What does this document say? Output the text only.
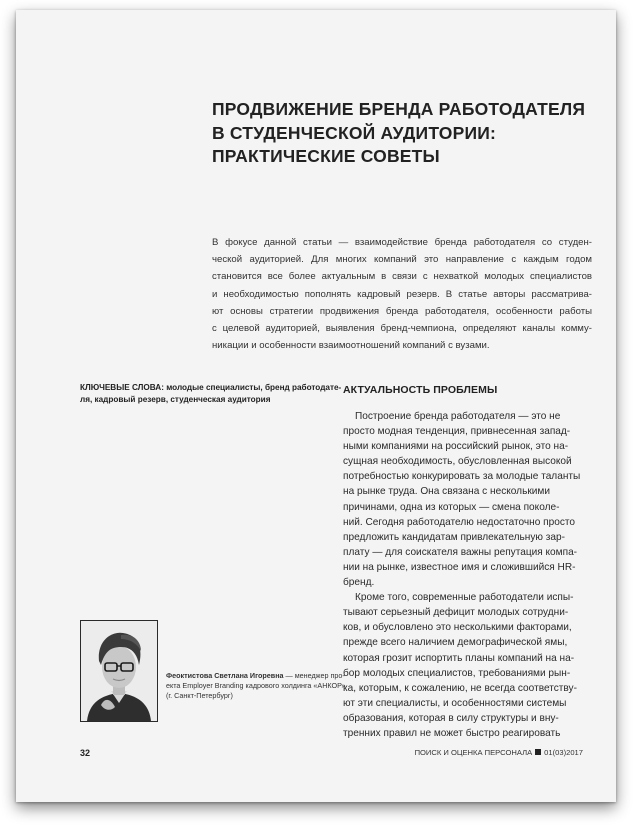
ПРОДВИЖЕНИЕ БРЕНДА РАБОТОДАТЕЛЯ
В СТУДЕНЧЕСКОЙ АУДИТОРИИ:
ПРАКТИЧЕСКИЕ СОВЕТЫ
В фокусе данной статьи — взаимодействие бренда работодателя со студен-
ческой аудиторией. Для многих компаний это направление с каждым годом
становится все более актуальным в связи с нехваткой молодых специалистов
и необходимостью пополнять кадровый резерв. В статье авторы рассматрива-
ют основы стратегии продвижения бренда работодателя, особенности работы
с целевой аудиторией, выявления бренд-чемпиона, определяют каналы комму-
никации и особенности взаимоотношений компаний с вузами.
КЛЮЧЕВЫЕ СЛОВА: молодые специалисты, бренд работодате-
ля, кадровый резерв, студенческая аудитория
Феоктистова Светлана Игоревна — менеджер про-
екта Employer Branding кадрового холдинга «АНКОР»
(г. Санкт-Петербург)
АКТУАЛЬНОСТЬ ПРОБЛЕМЫ
Построение бренда работодателя — это не
просто модная тенденция, привнесенная запад-
ными компаниями на российский рынок, это на-
сущная необходимость, обусловленная высокой
потребностью конкурировать за молодые таланты
на рынке труда. Она связана с несколькими
причинами, одна из которых — смена поколе-
ний. Сегодня работодателю недостаточно просто
предложить кандидатам привлекательную зар-
плату — для соискателя важны репутация компа-
нии на рынке, известное имя и сложившийся HR-
бренд.
Кроме того, современные работодатели испы-
тывают серьезный дефицит молодых сотрудни-
ков, и обусловлено это несколькими факторами,
прежде всего наличием демографической ямы,
которая грозит испортить планы компаний на на-
бор молодых специалистов, требованиями рын-
ка, которым, к сожалению, не всегда соответству-
ют эти специалисты, и особенностями системы
образования, которая в силу структуры и вну-
тренних правил не может быстро реагировать
32	ПОИСК И ОЦЕНКА ПЕРСОНАЛА 01(03)2017
